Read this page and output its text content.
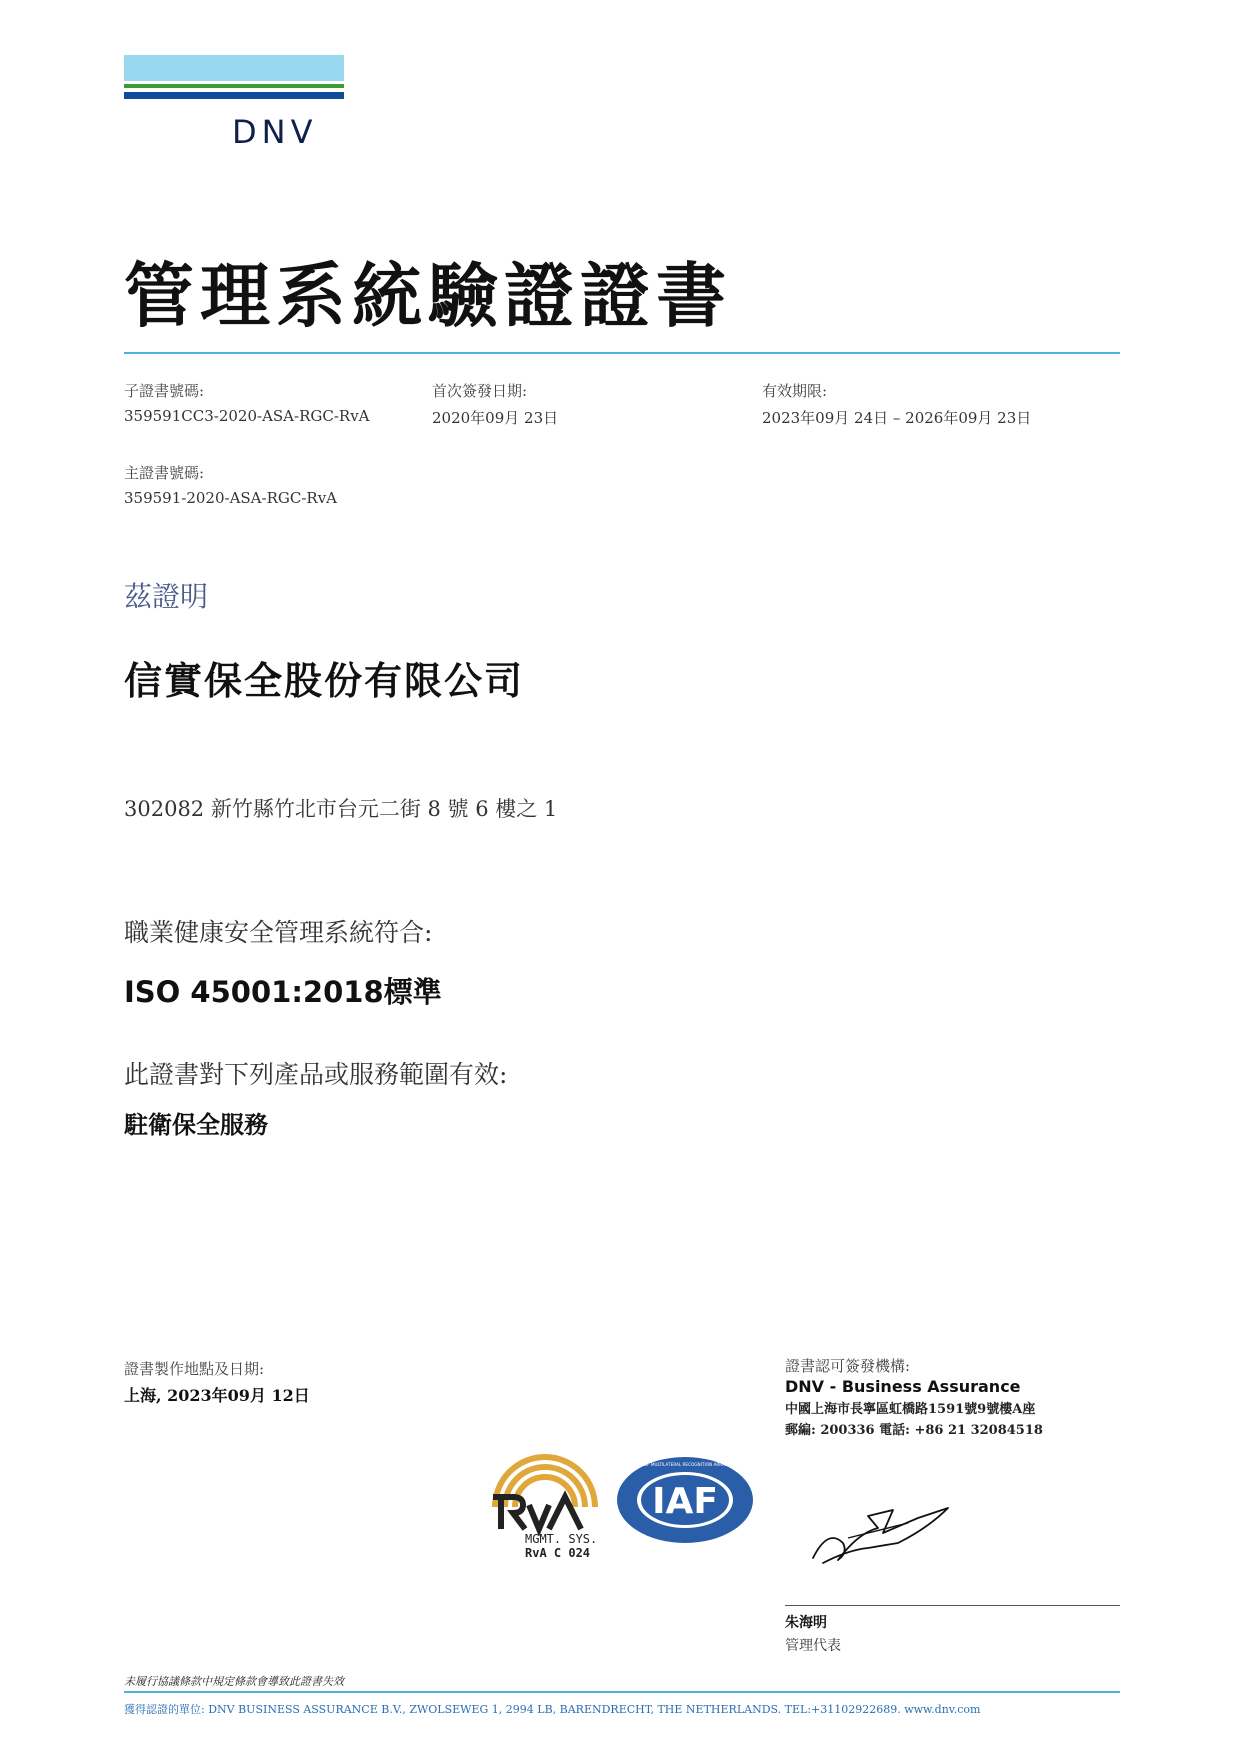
DNV
管理系統驗證證書
子證書號碼:
359591CC3-2020-ASA-RGC-RvA
首次簽發日期:
2020年09月 23日
有效期限:
2023年09月 24日 – 2026年09月 23日
主證書號碼:
359591-2020-ASA-RGC-RvA
茲證明
信實保全股份有限公司
302082 新竹縣竹北市台元二街 8 號 6 樓之 1
職業健康安全管理系統符合:
ISO 45001:2018標準
此證書對下列產品或服務範圍有效:
駐衛保全服務
證書製作地點及日期:
上海, 2023年09月 12日
證書認可簽發機構:
DNV - Business Assurance
中國上海市長寧區虹橋路1591號9號樓A座
郵編: 200336 電話: +86 21 32084518
MGMT. SYS.
RvA C 024
IAF
MEMBER OF MULTILATERAL RECOGNITION ARRANGEMENT
朱海明
管理代表
未履行協議條款中規定條款會導致此證書失效
獲得認證的單位: DNV BUSINESS ASSURANCE B.V., ZWOLSEWEG 1, 2994 LB, BARENDRECHT, THE NETHERLANDS. TEL:+31102922689. www.dnv.com
